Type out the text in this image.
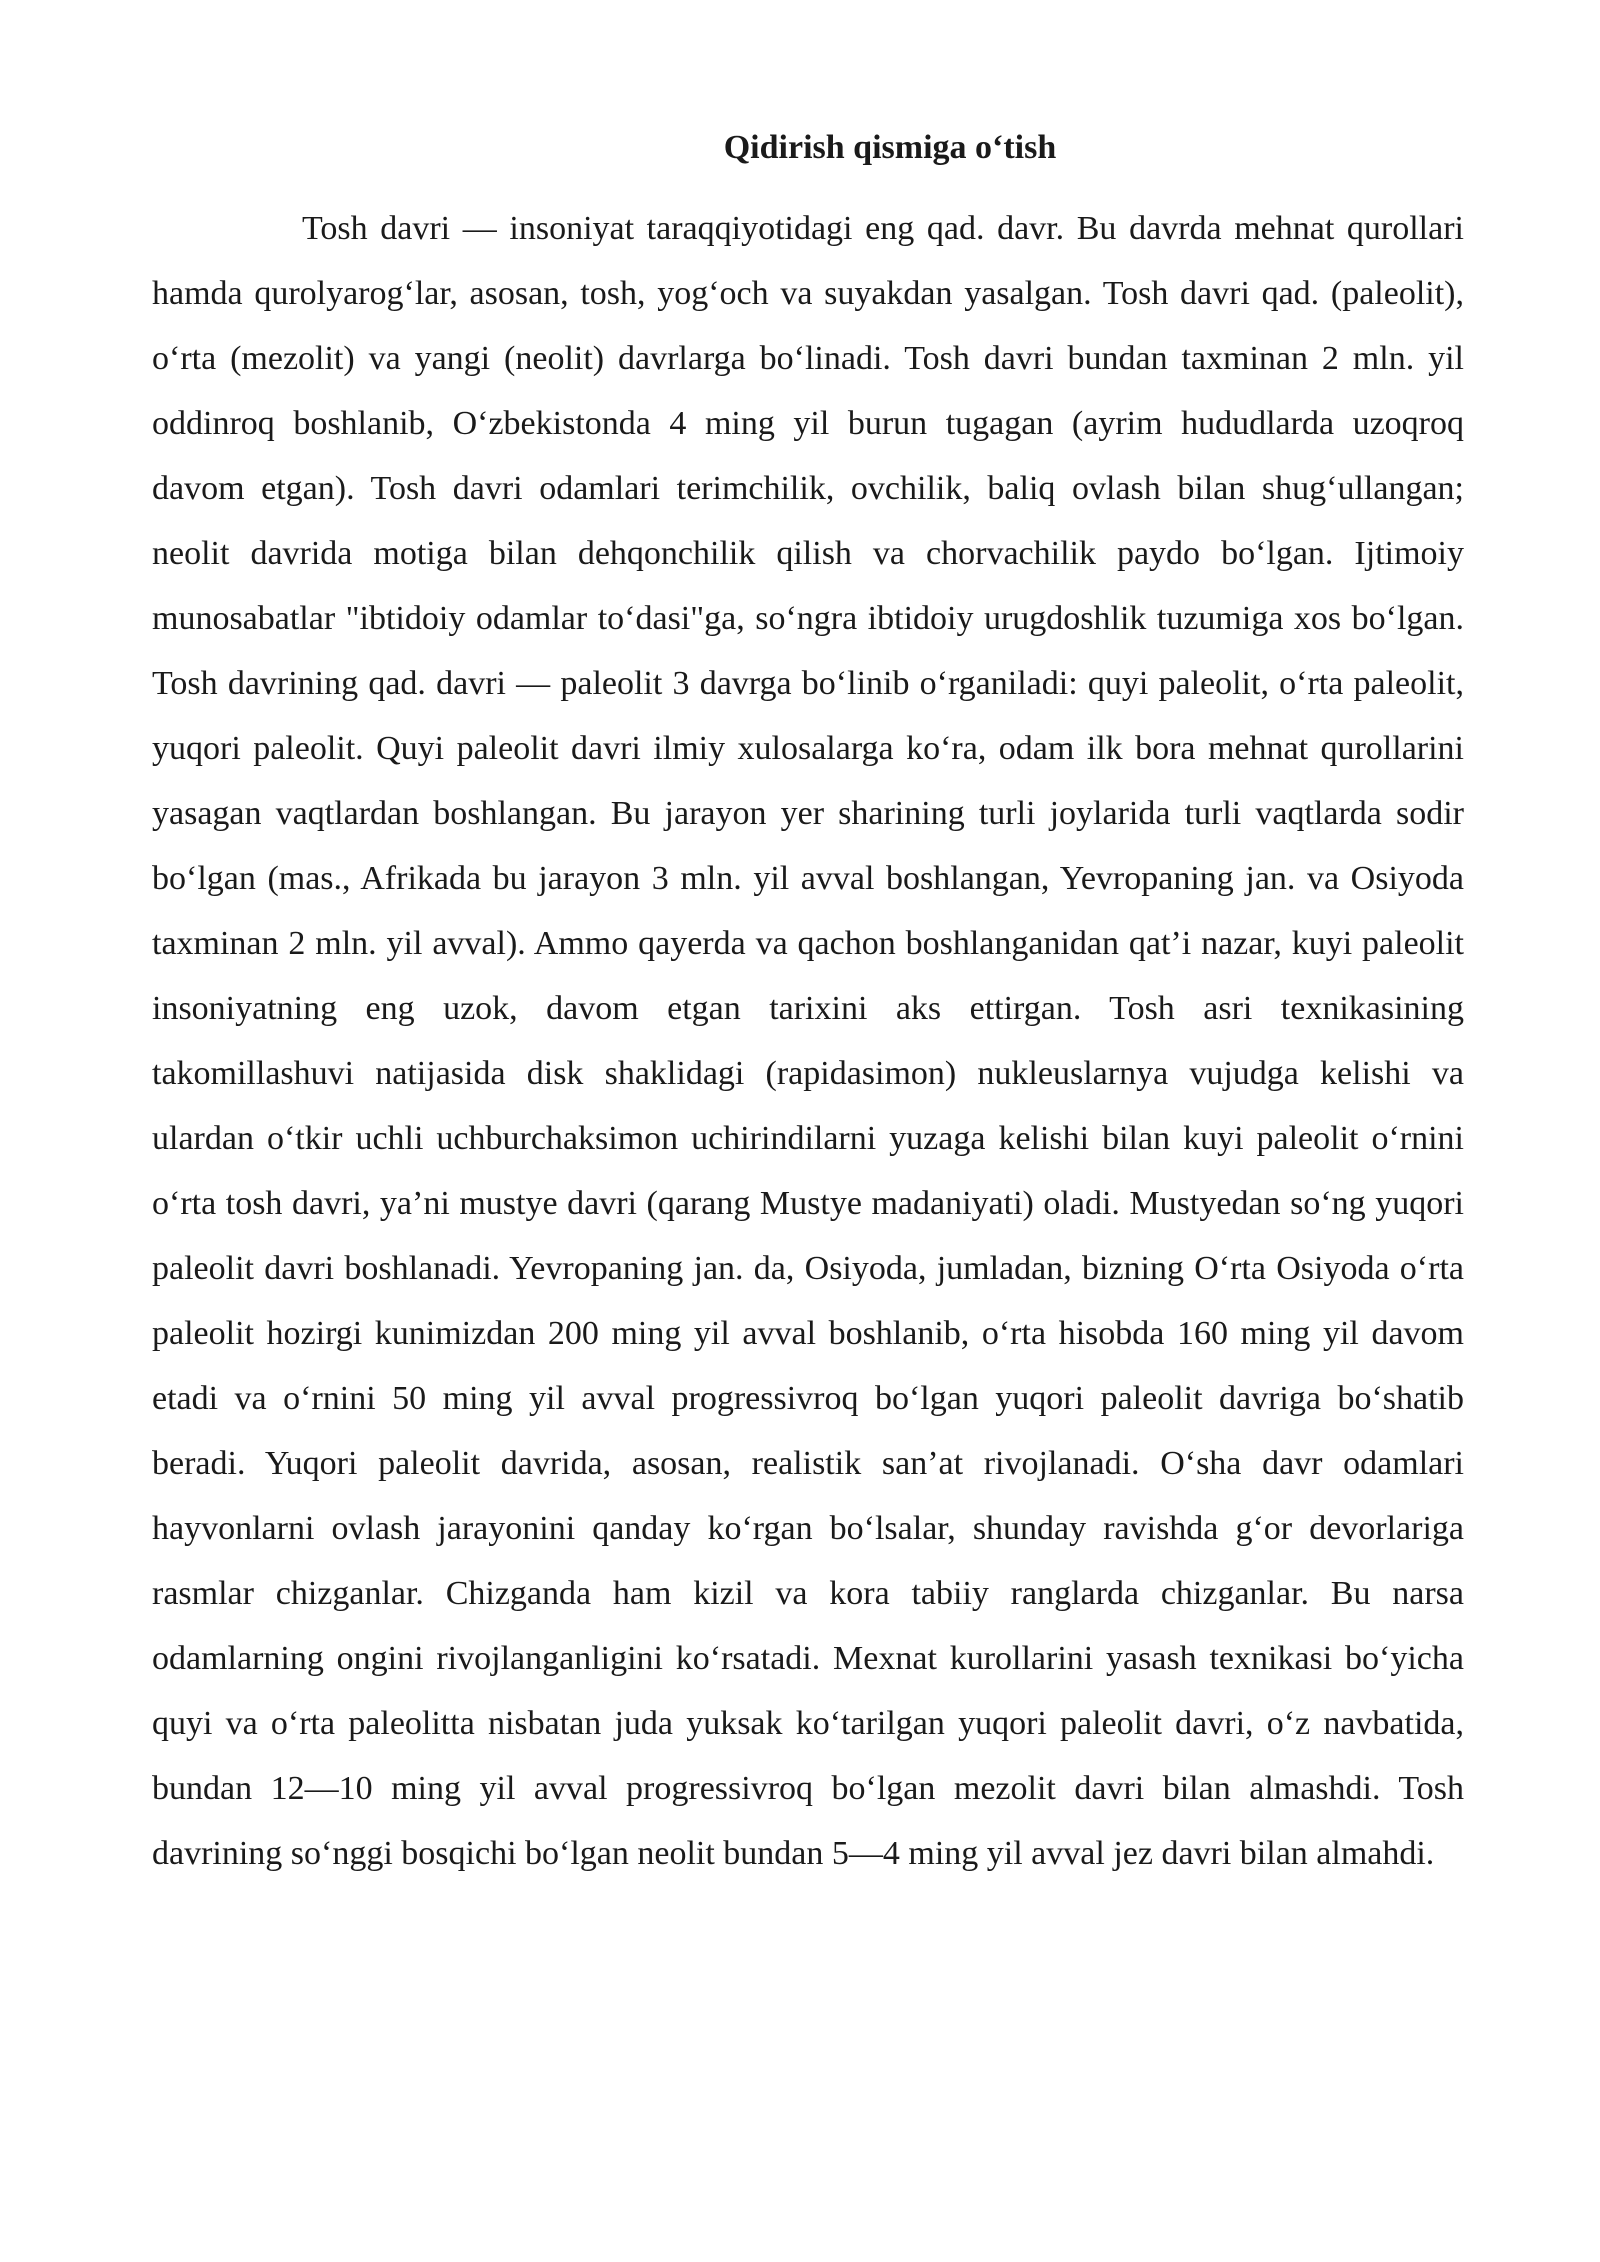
Qidirish qismiga o‘tish

Tosh davri — insoniyat taraqqiyotidagi eng qad. davr. Bu davrda mehnat qurollari hamda qurolyarog‘lar, asosan, tosh, yog‘och va suyakdan yasalgan. Tosh davri qad. (paleolit), o‘rta (mezolit) va yangi (neolit) davrlarga bo‘linadi. Tosh davri bundan taxminan 2 mln. yil oddinroq boshlanib, O‘zbekistonda 4 ming yil burun tugagan (ayrim hududlarda uzoqroq davom etgan). Tosh davri odamlari terimchilik, ovchilik, baliq ovlash bilan shug‘ullangan; neolit davrida motiga bilan dehqonchilik qilish va chorvachilik paydo bo‘lgan. Ijtimoiy munosabatlar "ibtidoiy odamlar to‘dasi"ga, so‘ngra ibtidoiy urugdoshlik tuzumiga xos bo‘lgan. Tosh davrining qad. davri — paleolit 3 davrga bo‘linib o‘rganiladi: quyi paleolit, o‘rta paleolit, yuqori paleolit. Quyi paleolit davri ilmiy xulosalarga ko‘ra, odam ilk bora mehnat qurollarini yasagan vaqtlardan boshlangan. Bu jarayon yer sharining turli joylarida turli vaqtlarda sodir bo‘lgan (mas., Afrikada bu jarayon 3 mln. yil avval boshlangan, Yevropaning jan. va Osiyoda taxminan 2 mln. yil avval). Ammo qayerda va qachon boshlanganidan qat’i nazar, kuyi paleolit insoniyatning eng uzok, davom etgan tarixini aks ettirgan. Tosh asri texnikasining takomillashuvi natijasida disk shaklidagi (rapidasimon) nukleuslarnya vujudga kelishi va ulardan o‘tkir uchli uchburchaksimon uchirindilarni yuzaga kelishi bilan kuyi paleolit o‘rnini o‘rta tosh davri, ya’ni mustye davri (qarang Mustye madaniyati) oladi. Mustyedan so‘ng yuqori paleolit davri boshlanadi. Yevropaning jan. da, Osiyoda, jumladan, bizning O‘rta Osiyoda o‘rta paleolit hozirgi kunimizdan 200 ming yil avval boshlanib, o‘rta hisobda 160 ming yil davom etadi va o‘rnini 50 ming yil avval progressivroq bo‘lgan yuqori paleolit davriga bo‘shatib beradi. Yuqori paleolit davrida, asosan, realistik san’at rivojlanadi. O‘sha davr odamlari hayvonlarni ovlash jarayonini qanday ko‘rgan bo‘lsalar, shunday ravishda g‘or devorlariga rasmlar chizganlar. Chizganda ham kizil va kora tabiiy ranglarda chizganlar. Bu narsa odamlarning ongini rivojlanganligini ko‘rsatadi. Mexnat kurollarini yasash texnikasi bo‘yicha quyi va o‘rta paleolitta nisbatan juda yuksak ko‘tarilgan yuqori paleolit davri, o‘z navbatida, bundan 12—10 ming yil avval progressivroq bo‘lgan mezolit davri bilan almashdi. Tosh davrining so‘nggi bosqichi bo‘lgan neolit bundan 5—4 ming yil avval jez davri bilan almahdi.
